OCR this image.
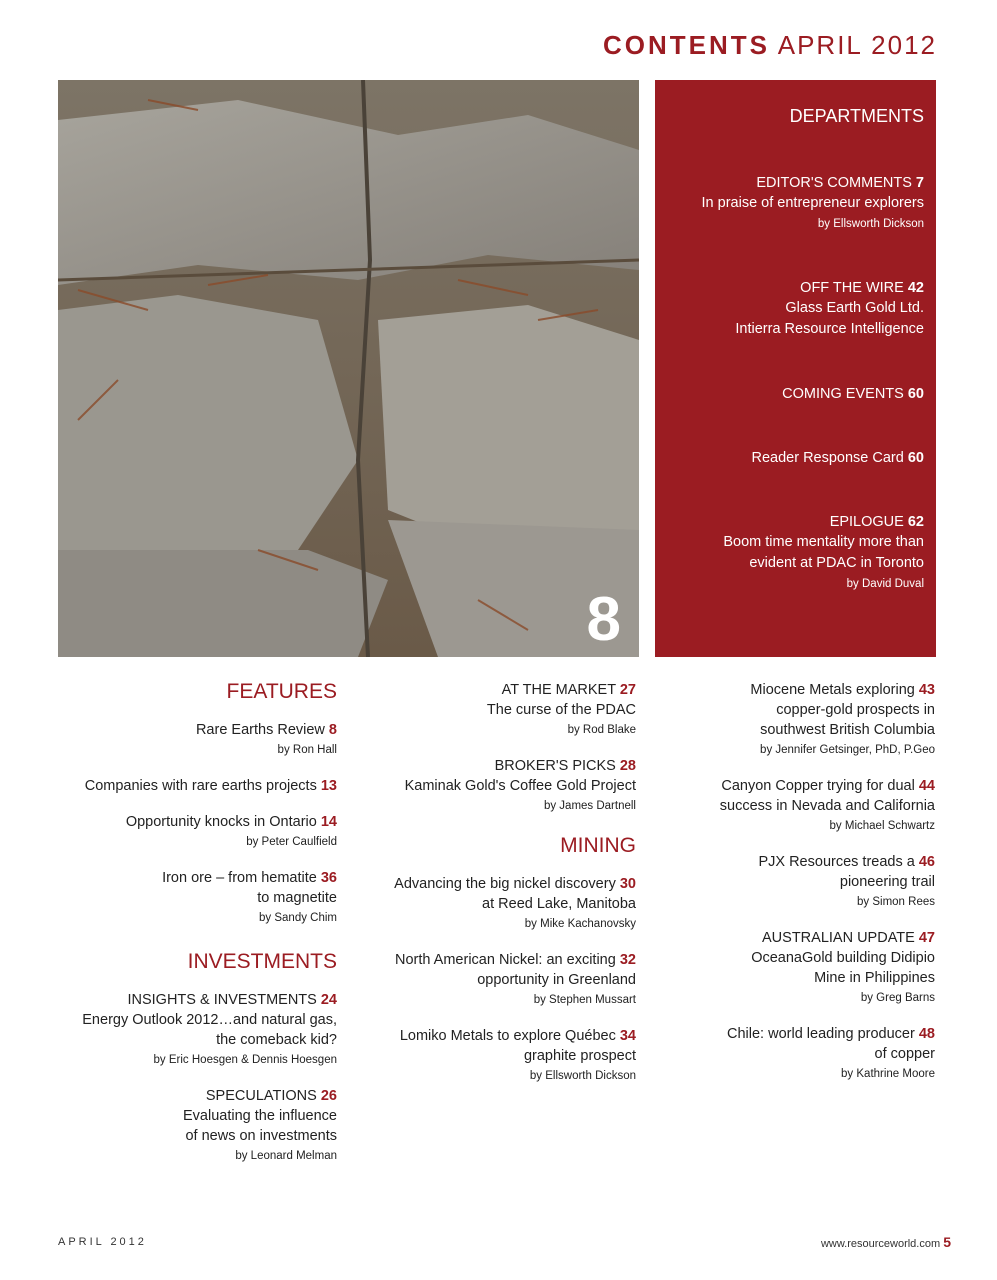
CONTENTS APRIL 2012
8
DEPARTMENTS
EDITOR'S COMMENTS 7
In praise of entrepreneur explorers
by Ellsworth Dickson
OFF THE WIRE 42
Glass Earth Gold Ltd.
Intierra Resource Intelligence
COMING EVENTS 60
Reader Response Card 60
EPILOGUE 62
Boom time mentality more than
evident at PDAC in Toronto
by David Duval
FEATURES
Rare Earths Review 8
by Ron Hall
Companies with rare earths projects 13
Opportunity knocks in Ontario 14
by Peter Caulfield
Iron ore – from hematite 36
to magnetite
by Sandy Chim
INVESTMENTS
INSIGHTS & INVESTMENTS 24
Energy Outlook 2012…and natural gas,
the comeback kid?
by Eric Hoesgen & Dennis Hoesgen
SPECULATIONS 26
Evaluating the influence
of news on investments
by Leonard Melman
AT THE MARKET 27
The curse of the PDAC
by Rod Blake
BROKER'S PICKS 28
Kaminak Gold's Coffee Gold Project
by James Dartnell
MINING
Advancing the big nickel discovery 30
at Reed Lake, Manitoba
by Mike Kachanovsky
North American Nickel: an exciting 32
opportunity in Greenland
by Stephen Mussart
Lomiko Metals to explore Québec 34
graphite prospect
by Ellsworth Dickson
Miocene Metals exploring 43
copper-gold prospects in
southwest British Columbia
by Jennifer Getsinger, PhD, P.Geo
Canyon Copper trying for dual 44
success in Nevada and California
by Michael Schwartz
PJX Resources treads a 46
pioneering trail
by Simon Rees
AUSTRALIAN UPDATE 47
OceanaGold building Didipio
Mine in Philippines
by Greg Barns
Chile: world leading producer 48
of copper
by Kathrine Moore
APRIL 2012	www.resourceworld.com 5
